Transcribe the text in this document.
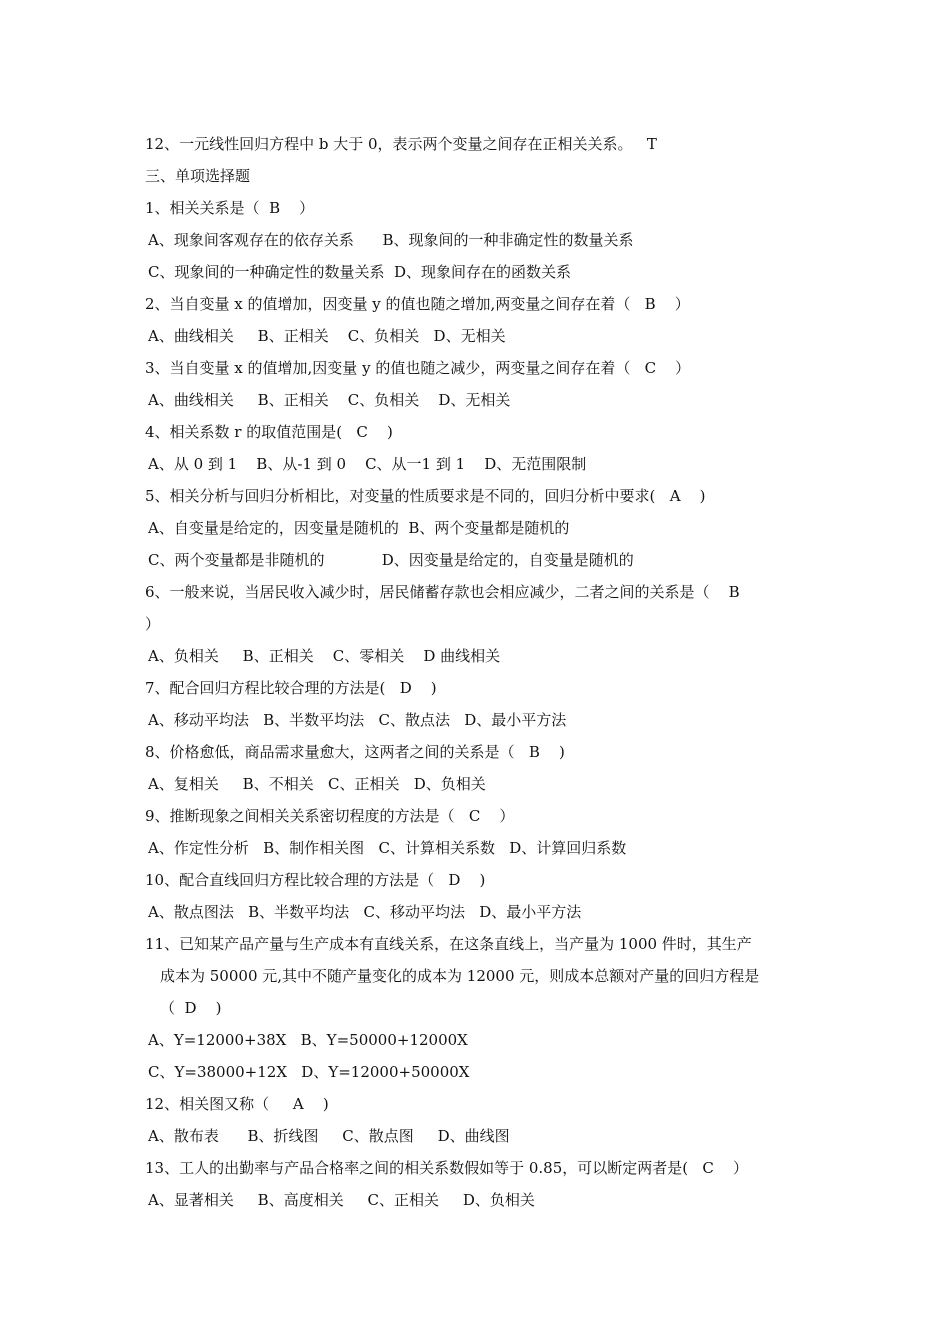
12、一元线性回归方程中 b 大于 0，表示两个变量之间存在正相关关系。   T
三、单项选择题
1、相关关系是（  B    ）
A、现象间客观存在的依存关系      B、现象间的一种非确定性的数量关系
C、现象间的一种确定性的数量关系  D、现象间存在的函数关系
2、当自变量 x 的值增加，因变量 y 的值也随之增加,两变量之间存在着（   B    ）
A、曲线相关     B、正相关    C、负相关   D、无相关
3、当自变量 x 的值增加,因变量 y 的值也随之减少，两变量之间存在着（   C    ）
A、曲线相关     B、正相关    C、负相关    D、无相关
4、相关系数 r 的取值范围是(   C    )
A、从 0 到 1    B、从-1 到 0    C、从一1 到 1    D、无范围限制
5、相关分析与回归分析相比，对变量的性质要求是不同的，回归分析中要求(   A    )
A、自变量是给定的，因变量是随机的  B、两个变量都是随机的
C、两个变量都是非随机的            D、因变量是给定的，自变量是随机的
6、一般来说，当居民收入减少时，居民储蓄存款也会相应减少，二者之间的关系是（    B
）
A、负相关     B、正相关    C、零相关    D 曲线相关
7、配合回归方程比较合理的方法是(   D    )
A、移动平均法   B、半数平均法   C、散点法   D、最小平方法
8、价格愈低，商品需求量愈大，这两者之间的关系是（   B    )
A、复相关     B、不相关   C、正相关   D、负相关
9、推断现象之间相关关系密切程度的方法是（   C    ）
A、作定性分析   B、制作相关图   C、计算相关系数   D、计算回归系数
10、配合直线回归方程比较合理的方法是（   D    )
A、散点图法   B、半数平均法   C、移动平均法   D、最小平方法
11、已知某产品产量与生产成本有直线关系，在这条直线上，当产量为 1000 件时，其生产
成本为 50000 元,其中不随产量变化的成本为 12000 元，则成本总额对产量的回归方程是
（  D    )
A、Y=12000+38X   B、Y=50000+12000X
C、Y=38000+12X   D、Y=12000+50000X
12、相关图又称（     A    )
A、散布表      B、折线图     C、散点图     D、曲线图
13、工人的出勤率与产品合格率之间的相关系数假如等于 0.85，可以断定两者是(   C    ）
A、显著相关     B、高度相关     C、正相关     D、负相关
